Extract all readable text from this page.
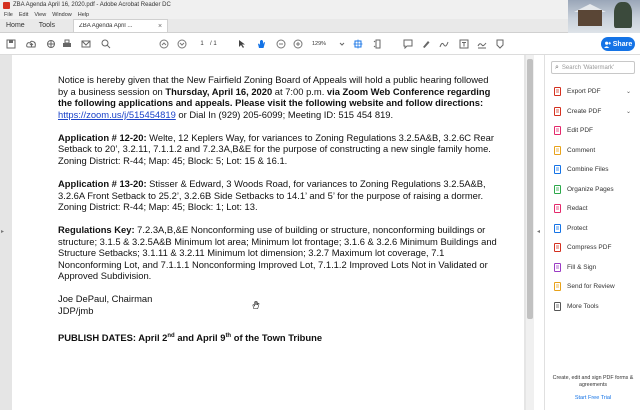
ZBA Agenda April 16, 2020.pdf - Adobe Acrobat Reader DC
File Edit View Window Help
Home	Tools	ZBA Agenda April ...	×
1	/ 1	129%	Share
▸	◂

Notice is hereby given that the New Fairfield Zoning Board of Appeals will hold a public hearing followed by a business session on Thursday, April 16, 2020 at 7:00 p.m. via Zoom Web Conference regarding the following applications and appeals. Please visit the following website and follow directions: https://zoom.us/j/515454819 or Dial In (929) 205-6099; Meeting ID: 515 454 819.

Application # 12-20: Welte, 12 Keplers Way, for variances to Zoning Regulations 3.2.5A&B, 3.2.6C Rear Setback to 20’, 3.2.11, 7.1.1.2 and 7.2.3A,B&E for the purpose of constructing a new single family home. Zoning District: R-44; Map: 45; Block: 5; Lot: 15 & 16.1.

Application # 13-20: Stisser & Edward, 3 Woods Road, for variances to Zoning Regulations 3.2.5A&B, 3.2.6A Front Setback to 25.2’, 3.2.6B Side Setbacks to 14.1’ and 5’ for the purpose of raising a dormer. Zoning District: R-44; Map: 45; Block: 1; Lot: 13.

Regulations Key: 7.2.3A,B,&E Nonconforming use of building or structure, nonconforming buildings or structure; 3.1.5 & 3.2.5A&B Minimum lot area; Minimum lot frontage; 3.1.6 & 3.2.6 Minimum Buildings and Structure Setbacks; 3.1.11 & 3.2.11 Minimum lot dimension; 3.2.7 Maximum lot coverage, 7.1 Nonconforming Lot, and 7.1.1.1 Nonconforming Improved Lot, 7.1.1.2 Improved Lots Not in Validated or Approved Subdivision.

Joe DePaul, Chairman
JDP/jmb

PUBLISH DATES: April 2nd and April 9th of the Town Tribune

⌕ Search 'Watermark'
Export PDF	⌄
Create PDF	⌄
Edit PDF
Comment
Combine Files
Organize Pages
Redact
Protect
Compress PDF
Fill & Sign
Send for Review
More Tools
Create, edit and sign PDF forms & agreements
Start Free Trial
